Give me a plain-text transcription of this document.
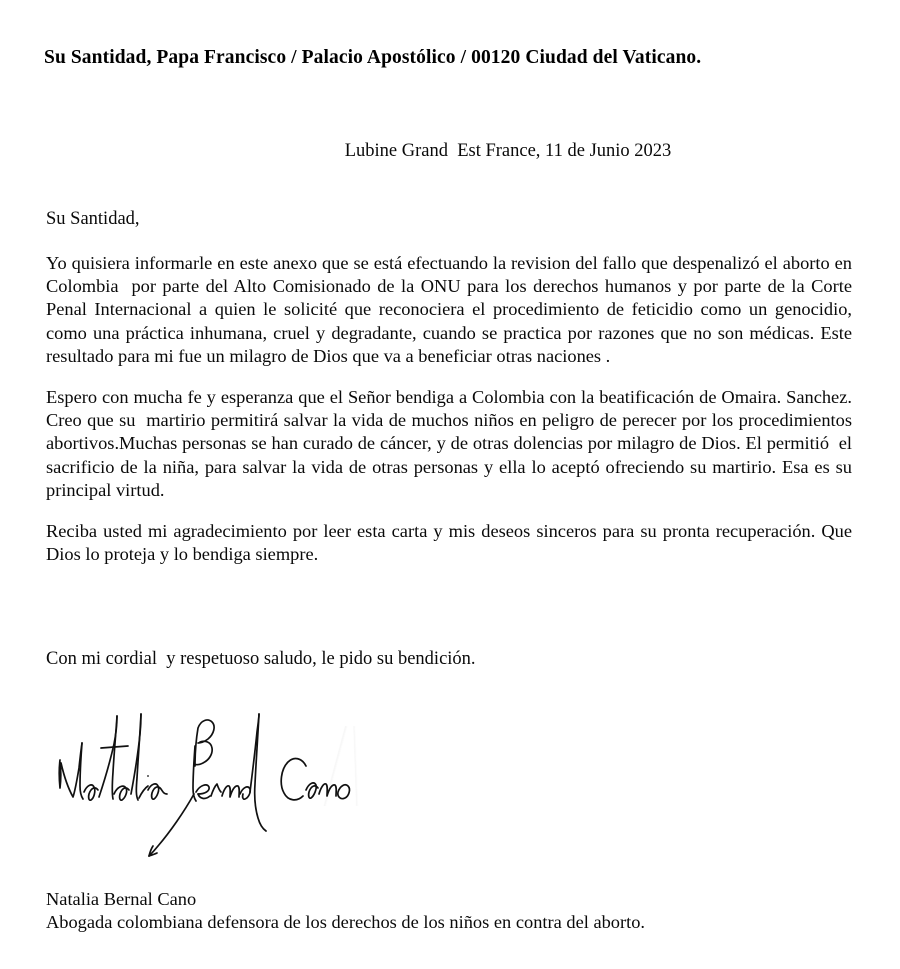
Su Santidad, Papa Francisco / Palacio Apostólico / 00120 Ciudad del Vaticano.
Lubine Grand  Est France, 11 de Junio 2023
Su Santidad,

Yo quisiera informarle en este anexo que se está efectuando la revision del fallo que despenalizó el aborto en Colombia  por parte del Alto Comisionado de la ONU para los derechos humanos y por parte de la Corte Penal Internacional a quien le solicité que reconociera el procedimiento de feticidio como un genocidio, como una práctica inhumana, cruel y degradante, cuando se practica por razones que no son médicas. Este resultado para mi fue un milagro de Dios que va a beneficiar otras naciones .

Espero con mucha fe y esperanza que el Señor bendiga a Colombia con la beatificación de Omaira. Sanchez. Creo que su  martirio permitirá salvar la vida de muchos niños en peligro de perecer por los procedimientos abortivos.Muchas personas se han curado de cáncer, y de otras dolencias por milagro de Dios. El permitió  el sacrificio de la niña, para salvar la vida de otras personas y ella lo aceptó ofreciendo su martirio. Esa es su principal virtud.

Reciba usted mi agradecimiento por leer esta carta y mis deseos sinceros para su pronta recuperación. Que Dios lo proteja y lo bendiga siempre.

Con mi cordial  y respetuoso saludo, le pido su bendición.
Natalia Bernal Cano
Abogada colombiana defensora de los derechos de los niños en contra del aborto.
